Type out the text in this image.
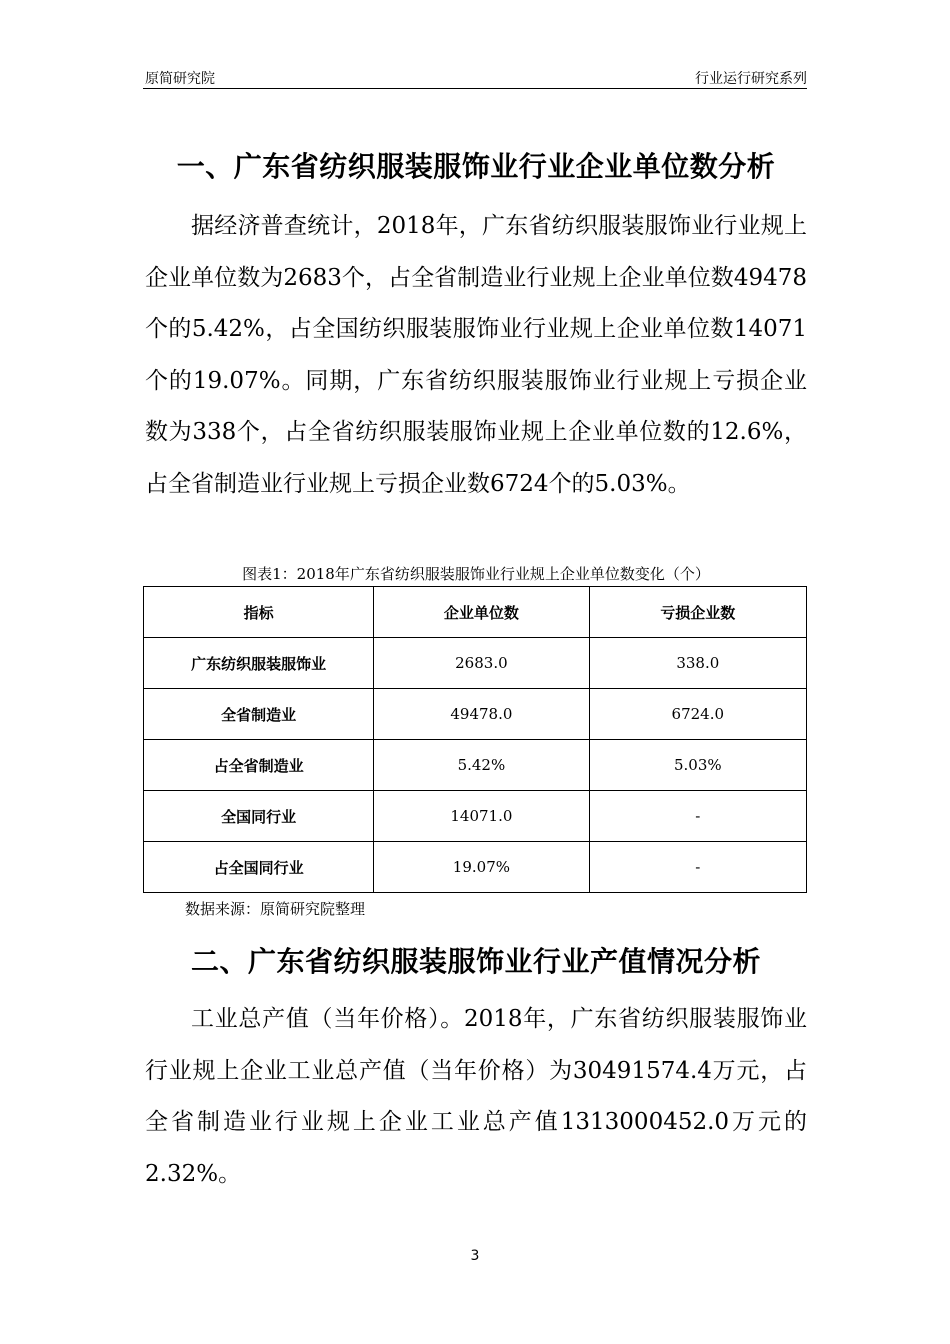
原简研究院	行业运行研究系列
一、广东省纺织服装服饰业行业企业单位数分析

据经济普查统计，2018年，广东省纺织服装服饰业行业规上企业单位数为2683个，占全省制造业行业规上企业单位数49478个的5.42%，占全国纺织服装服饰业行业规上企业单位数14071个的19.07%。同期，广东省纺织服装服饰业行业规上亏损企业数为338个，占全省纺织服装服饰业规上企业单位数的12.6%，占全省制造业行业规上亏损企业数6724个的5.03%。

图表1：2018年广东省纺织服装服饰业行业规上企业单位数变化（个）
指标	企业单位数	亏损企业数
广东纺织服装服饰业	2683.0	338.0
全省制造业	49478.0	6724.0
占全省制造业	5.42%	5.03%
全国同行业	14071.0	-
占全国同行业	19.07%	-
数据来源：原简研究院整理
二、广东省纺织服装服饰业行业产值情况分析

工业总产值（当年价格）。2018年，广东省纺织服装服饰业行业规上企业工业总产值（当年价格）为30491574.4万元，占全省制造业行业规上企业工业总产值1313000452.0万元的2.32%。

3
